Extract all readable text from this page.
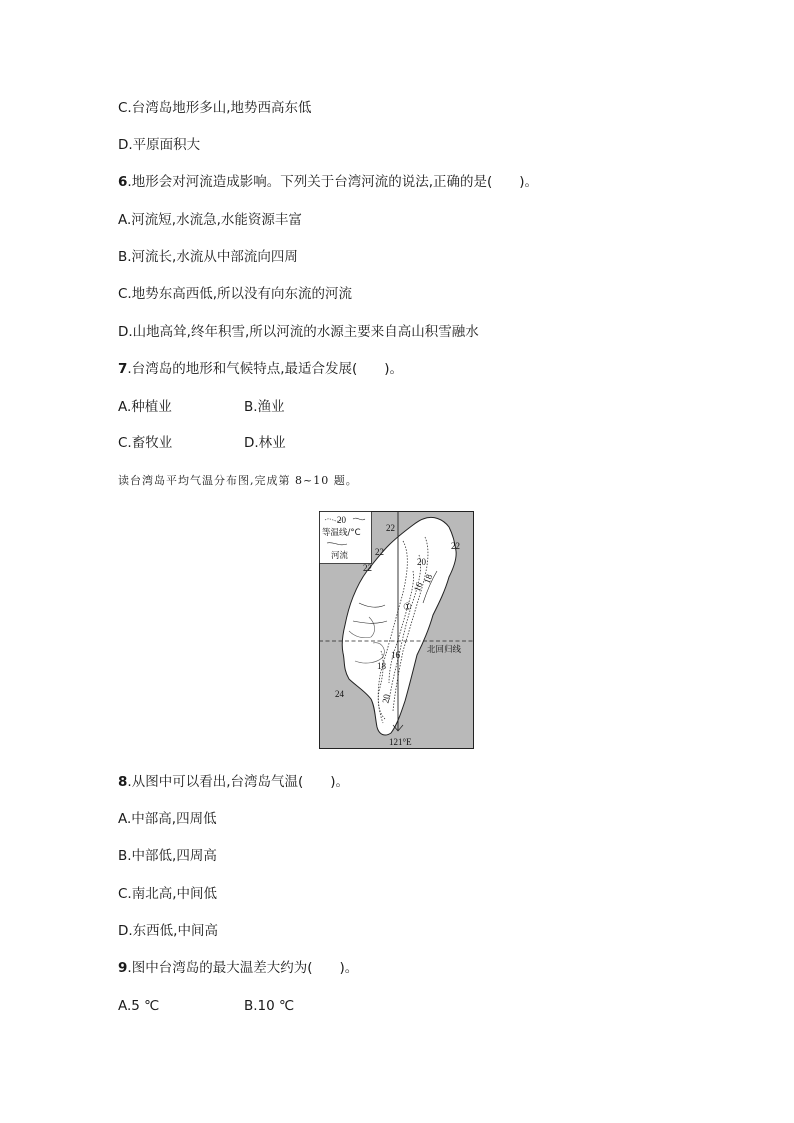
C.台湾岛地形多山,地势西高东低
D.平原面积大
6.地形会对河流造成影响。下列关于台湾河流的说法,正确的是(　　)。
A.河流短,水流急,水能资源丰富
B.河流长,水流从中部流向四周
C.地势东高西低,所以没有向东流的河流
D.山地高耸,终年积雪,所以河流的水源主要来自高山积雪融水
7.台湾岛的地形和气候特点,最适合发展(　　)。
A.种植业	B.渔业
C.畜牧业	D.林业
读台湾岛平均气温分布图,完成第 8~10 题。
20
等温线/°C
河流
22
22
22
22
20
18
16
16
18
20
24
①
北回归线
121°E
8.从图中可以看出,台湾岛气温(　　)。
A.中部高,四周低
B.中部低,四周高
C.南北高,中间低
D.东西低,中间高
9.图中台湾岛的最大温差大约为(　　)。
A.5 ℃	B.10 ℃
